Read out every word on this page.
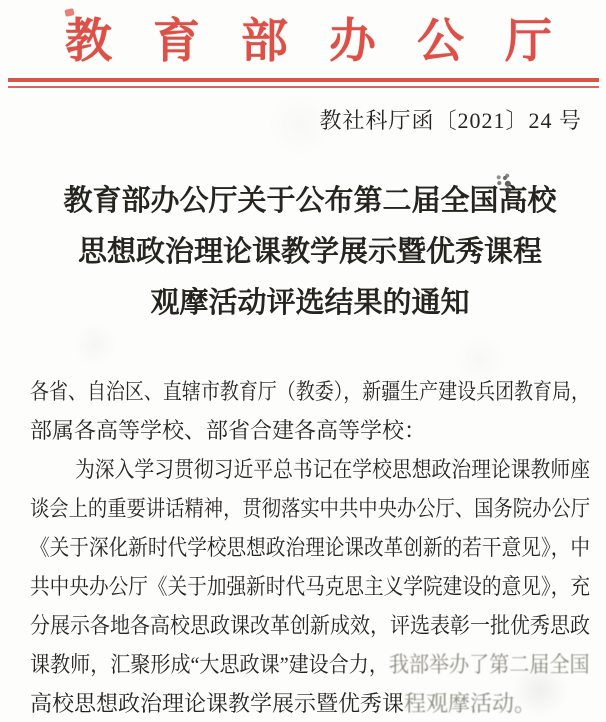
教育部办公厅
教社科厅函〔2021〕24 号
教育部办公厅关于公布第二届全国高校
思想政治理论课教学展示暨优秀课程
观摩活动评选结果的通知
各省、自治区、直辖市教育厅（教委），新疆生产建设兵团教育局，
部属各高等学校、部省合建各高等学校：
为深入学习贯彻习近平总书记在学校思想政治理论课教师座
谈会上的重要讲话精神，贯彻落实中共中央办公厅、国务院办公厅
《关于深化新时代学校思想政治理论课改革创新的若干意见》，中
共中央办公厅《关于加强新时代马克思主义学院建设的意见》，充
分展示各地各高校思政课改革创新成效，评选表彰一批优秀思政
课教师，汇聚形成“大思政课”建设合力，我部举办了第二届全国
高校思想政治理论课教学展示暨优秀课程观摩活动。
